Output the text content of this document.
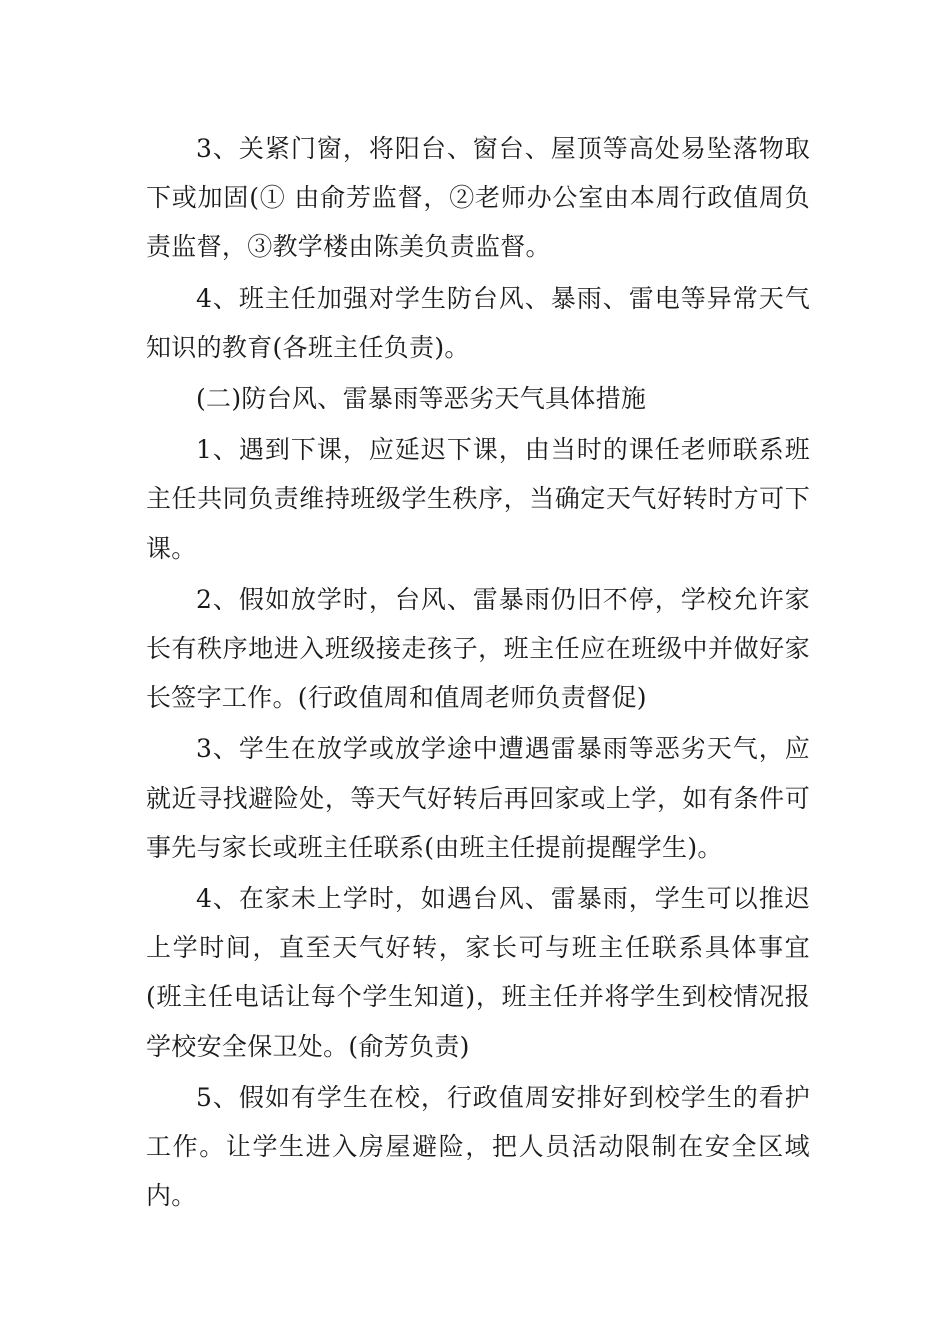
3、关紧门窗，将阳台、窗台、屋顶等高处易坠落物取下或加固(① 由俞芳监督，②老师办公室由本周行政值周负责监督，③教学楼由陈美负责监督。

4、班主任加强对学生防台风、暴雨、雷电等异常天气知识的教育(各班主任负责)。

(二)防台风、雷暴雨等恶劣天气具体措施

1、遇到下课，应延迟下课，由当时的课任老师联系班主任共同负责维持班级学生秩序，当确定天气好转时方可下课。

2、假如放学时，台风、雷暴雨仍旧不停，学校允许家长有秩序地进入班级接走孩子，班主任应在班级中并做好家长签字工作。(行政值周和值周老师负责督促)

3、学生在放学或放学途中遭遇雷暴雨等恶劣天气，应就近寻找避险处，等天气好转后再回家或上学，如有条件可事先与家长或班主任联系(由班主任提前提醒学生)。

4、在家未上学时，如遇台风、雷暴雨，学生可以推迟上学时间，直至天气好转，家长可与班主任联系具体事宜(班主任电话让每个学生知道)，班主任并将学生到校情况报学校安全保卫处。(俞芳负责)

5、假如有学生在校，行政值周安排好到校学生的看护工作。让学生进入房屋避险，把人员活动限制在安全区域内。
